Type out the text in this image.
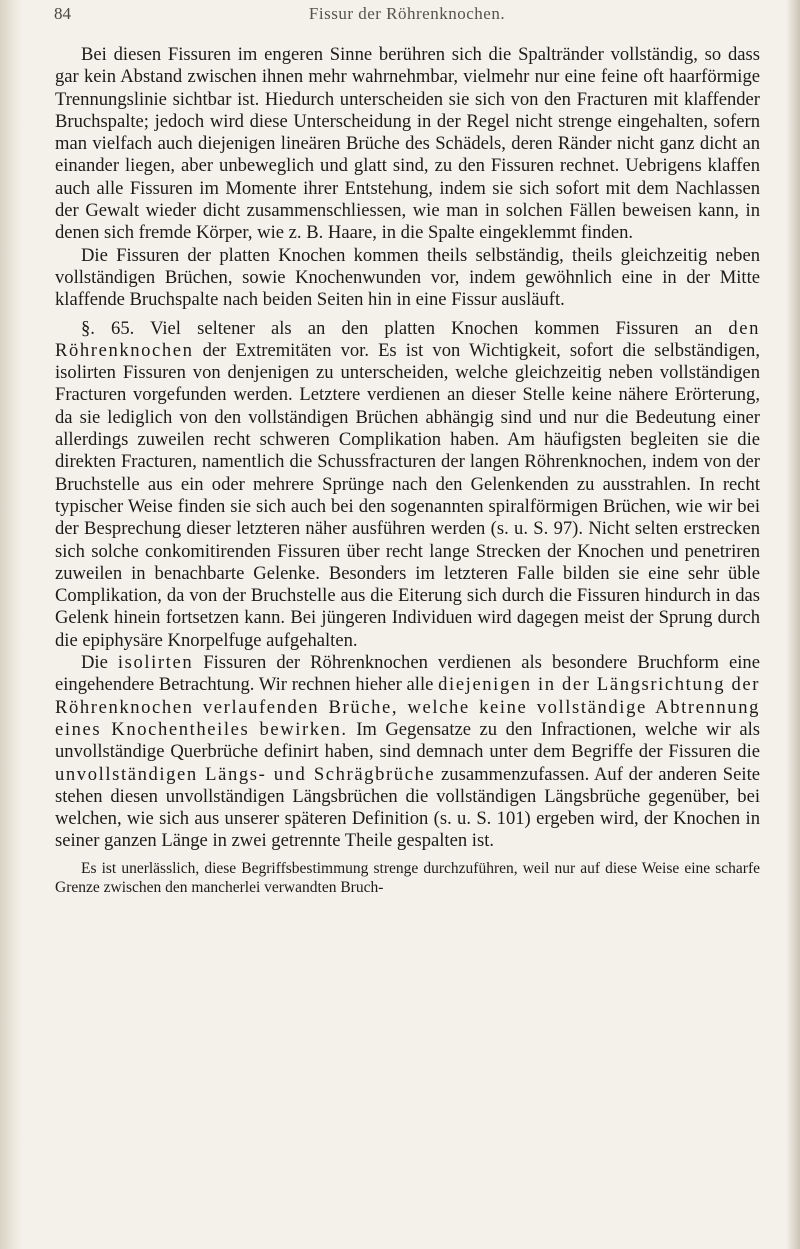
84	Fissur der Röhrenknochen.

Bei diesen Fissuren im engeren Sinne berühren sich die Spaltränder vollständig, so dass gar kein Abstand zwischen ihnen mehr wahrnehmbar, vielmehr nur eine feine oft haarförmige Trennungslinie sichtbar ist. Hiedurch unterscheiden sie sich von den Fracturen mit klaffender Bruchspalte; jedoch wird diese Unterscheidung in der Regel nicht strenge eingehalten, sofern man vielfach auch diejenigen lineären Brüche des Schädels, deren Ränder nicht ganz dicht an einander liegen, aber unbeweglich und glatt sind, zu den Fissuren rechnet. Uebrigens klaffen auch alle Fissuren im Momente ihrer Entstehung, indem sie sich sofort mit dem Nachlassen der Gewalt wieder dicht zusammenschliessen, wie man in solchen Fällen beweisen kann, in denen sich fremde Körper, wie z. B. Haare, in die Spalte eingeklemmt finden.

Die Fissuren der platten Knochen kommen theils selbständig, theils gleichzeitig neben vollständigen Brüchen, sowie Knochenwunden vor, indem gewöhnlich eine in der Mitte klaffende Bruchspalte nach beiden Seiten hin in eine Fissur ausläuft.

§. 65. Viel seltener als an den platten Knochen kommen Fissuren an den Röhrenknochen der Extremitäten vor. Es ist von Wichtigkeit, sofort die selbständigen, isolirten Fissuren von denjenigen zu unterscheiden, welche gleichzeitig neben vollständigen Fracturen vorgefunden werden. Letztere verdienen an dieser Stelle keine nähere Erörterung, da sie lediglich von den vollständigen Brüchen abhängig sind und nur die Bedeutung einer allerdings zuweilen recht schweren Complikation haben. Am häufigsten begleiten sie die direkten Fracturen, namentlich die Schussfracturen der langen Röhrenknochen, indem von der Bruchstelle aus ein oder mehrere Sprünge nach den Gelenkenden zu ausstrahlen. In recht typischer Weise finden sie sich auch bei den sogenannten spiralförmigen Brüchen, wie wir bei der Besprechung dieser letzteren näher ausführen werden (s. u. S. 97). Nicht selten erstrecken sich solche conkomitirenden Fissuren über recht lange Strecken der Knochen und penetriren zuweilen in benachbarte Gelenke. Besonders im letzteren Falle bilden sie eine sehr üble Complikation, da von der Bruchstelle aus die Eiterung sich durch die Fissuren hindurch in das Gelenk hinein fortsetzen kann. Bei jüngeren Individuen wird dagegen meist der Sprung durch die epiphysäre Knorpelfuge aufgehalten.

Die isolirten Fissuren der Röhrenknochen verdienen als besondere Bruchform eine eingehendere Betrachtung. Wir rechnen hieher alle diejenigen in der Längsrichtung der Röhrenknochen verlaufenden Brüche, welche keine vollständige Abtrennung eines Knochentheiles bewirken. Im Gegensatze zu den Infractionen, welche wir als unvollständige Querbrüche definirt haben, sind demnach unter dem Begriffe der Fissuren die unvollständigen Längs- und Schrägbrüche zusammenzufassen. Auf der anderen Seite stehen diesen unvollständigen Längsbrüchen die vollständigen Längsbrüche gegenüber, bei welchen, wie sich aus unserer späteren Definition (s. u. S. 101) ergeben wird, der Knochen in seiner ganzen Länge in zwei getrennte Theile gespalten ist.

Es ist unerlässlich, diese Begriffsbestimmung strenge durchzuführen, weil nur auf diese Weise eine scharfe Grenze zwischen den mancherlei verwandten Bruch-
